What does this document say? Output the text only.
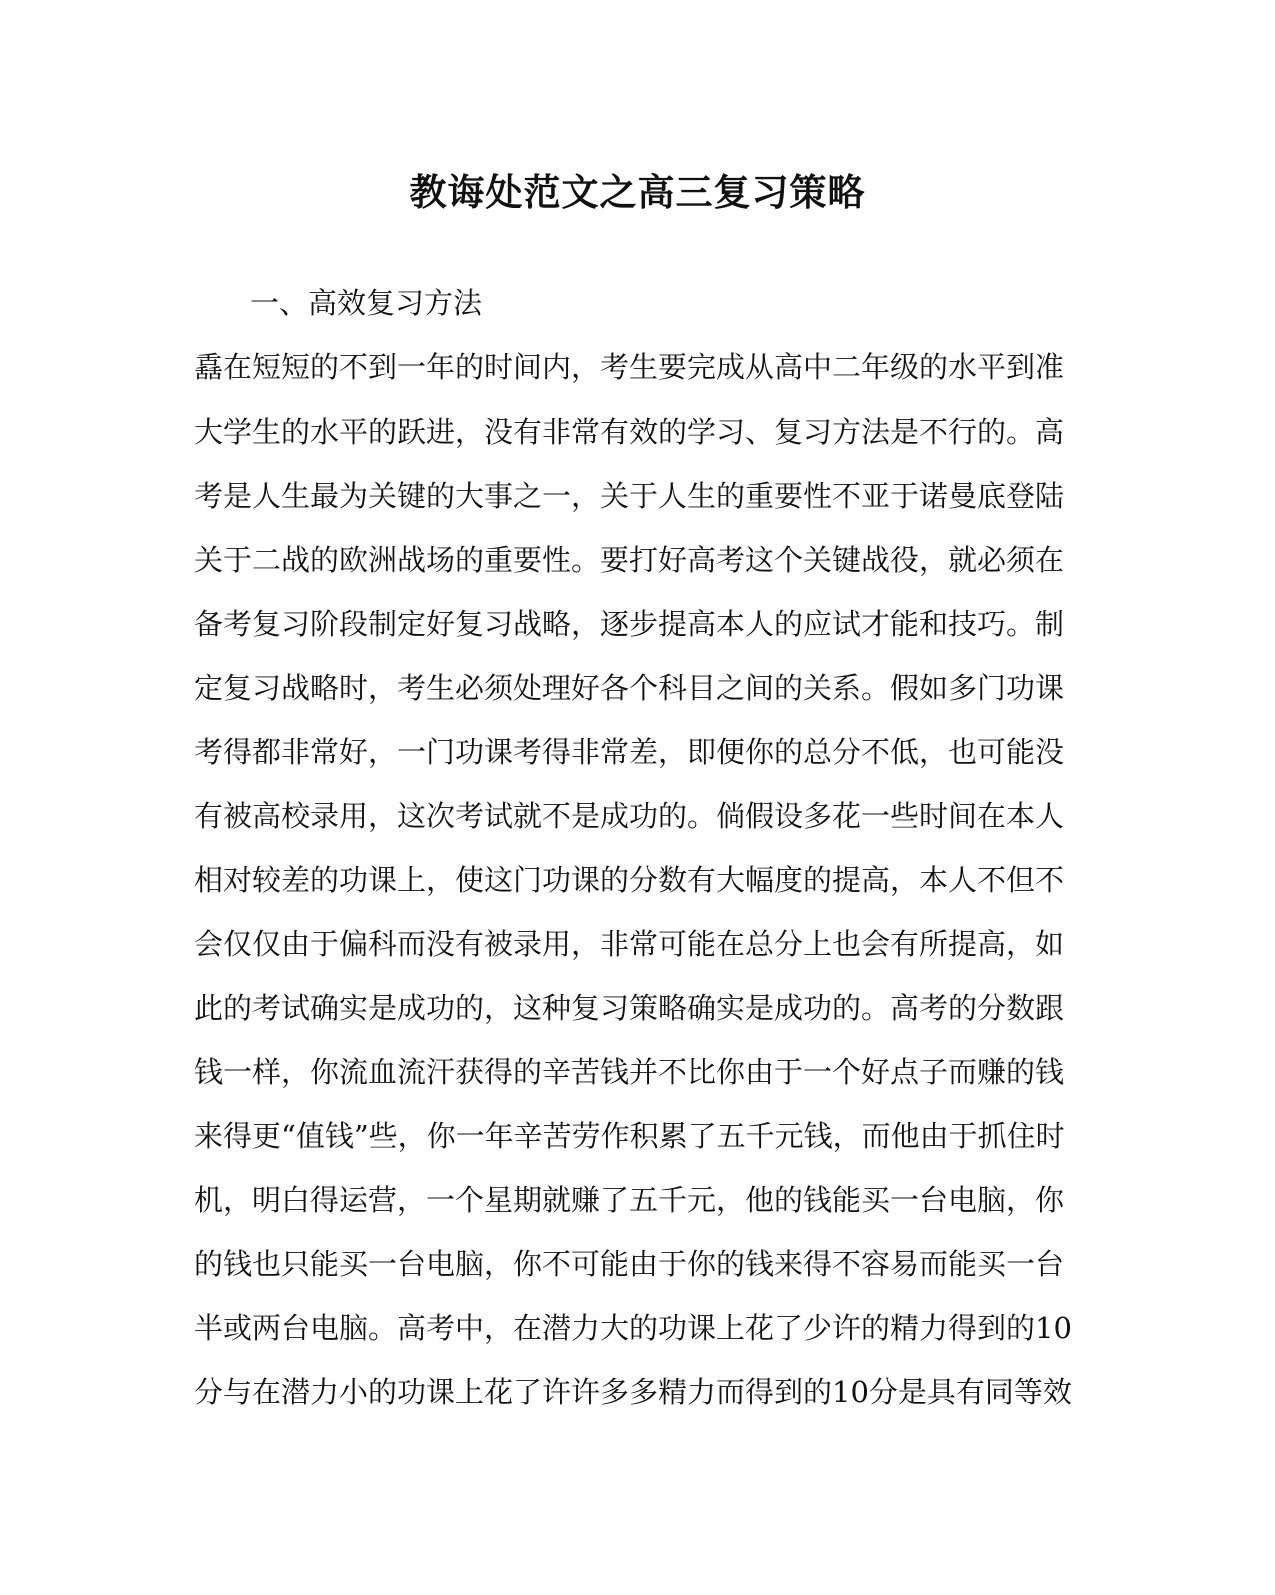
教诲处范文之高三复习策略
一、高效复习方法
舙在短短的不到一年的时间内，考生要完成从高中二年级的水平到准
大学生的水平的跃进，没有非常有效的学习、复习方法是不行的。高
考是人生最为关键的大事之一，关于人生的重要性不亚于诺曼底登陆
关于二战的欧洲战场的重要性。要打好高考这个关键战役，就必须在
备考复习阶段制定好复习战略，逐步提高本人的应试才能和技巧。制
定复习战略时，考生必须处理好各个科目之间的关系。假如多门功课
考得都非常好，一门功课考得非常差，即便你的总分不低，也可能没
有被高校录用，这次考试就不是成功的。倘假设多花一些时间在本人
相对较差的功课上，使这门功课的分数有大幅度的提高，本人不但不
会仅仅由于偏科而没有被录用，非常可能在总分上也会有所提高，如
此的考试确实是成功的，这种复习策略确实是成功的。高考的分数跟
钱一样，你流血流汗获得的辛苦钱并不比你由于一个好点子而赚的钱
来得更“值钱”些，你一年辛苦劳作积累了五千元钱，而他由于抓住时
机，明白得运营，一个星期就赚了五千元，他的钱能买一台电脑，你
的钱也只能买一台电脑，你不可能由于你的钱来得不容易而能买一台
半或两台电脑。高考中，在潜力大的功课上花了少许的精力得到的10
分与在潜力小的功课上花了许许多多精力而得到的10分是具有同等效
